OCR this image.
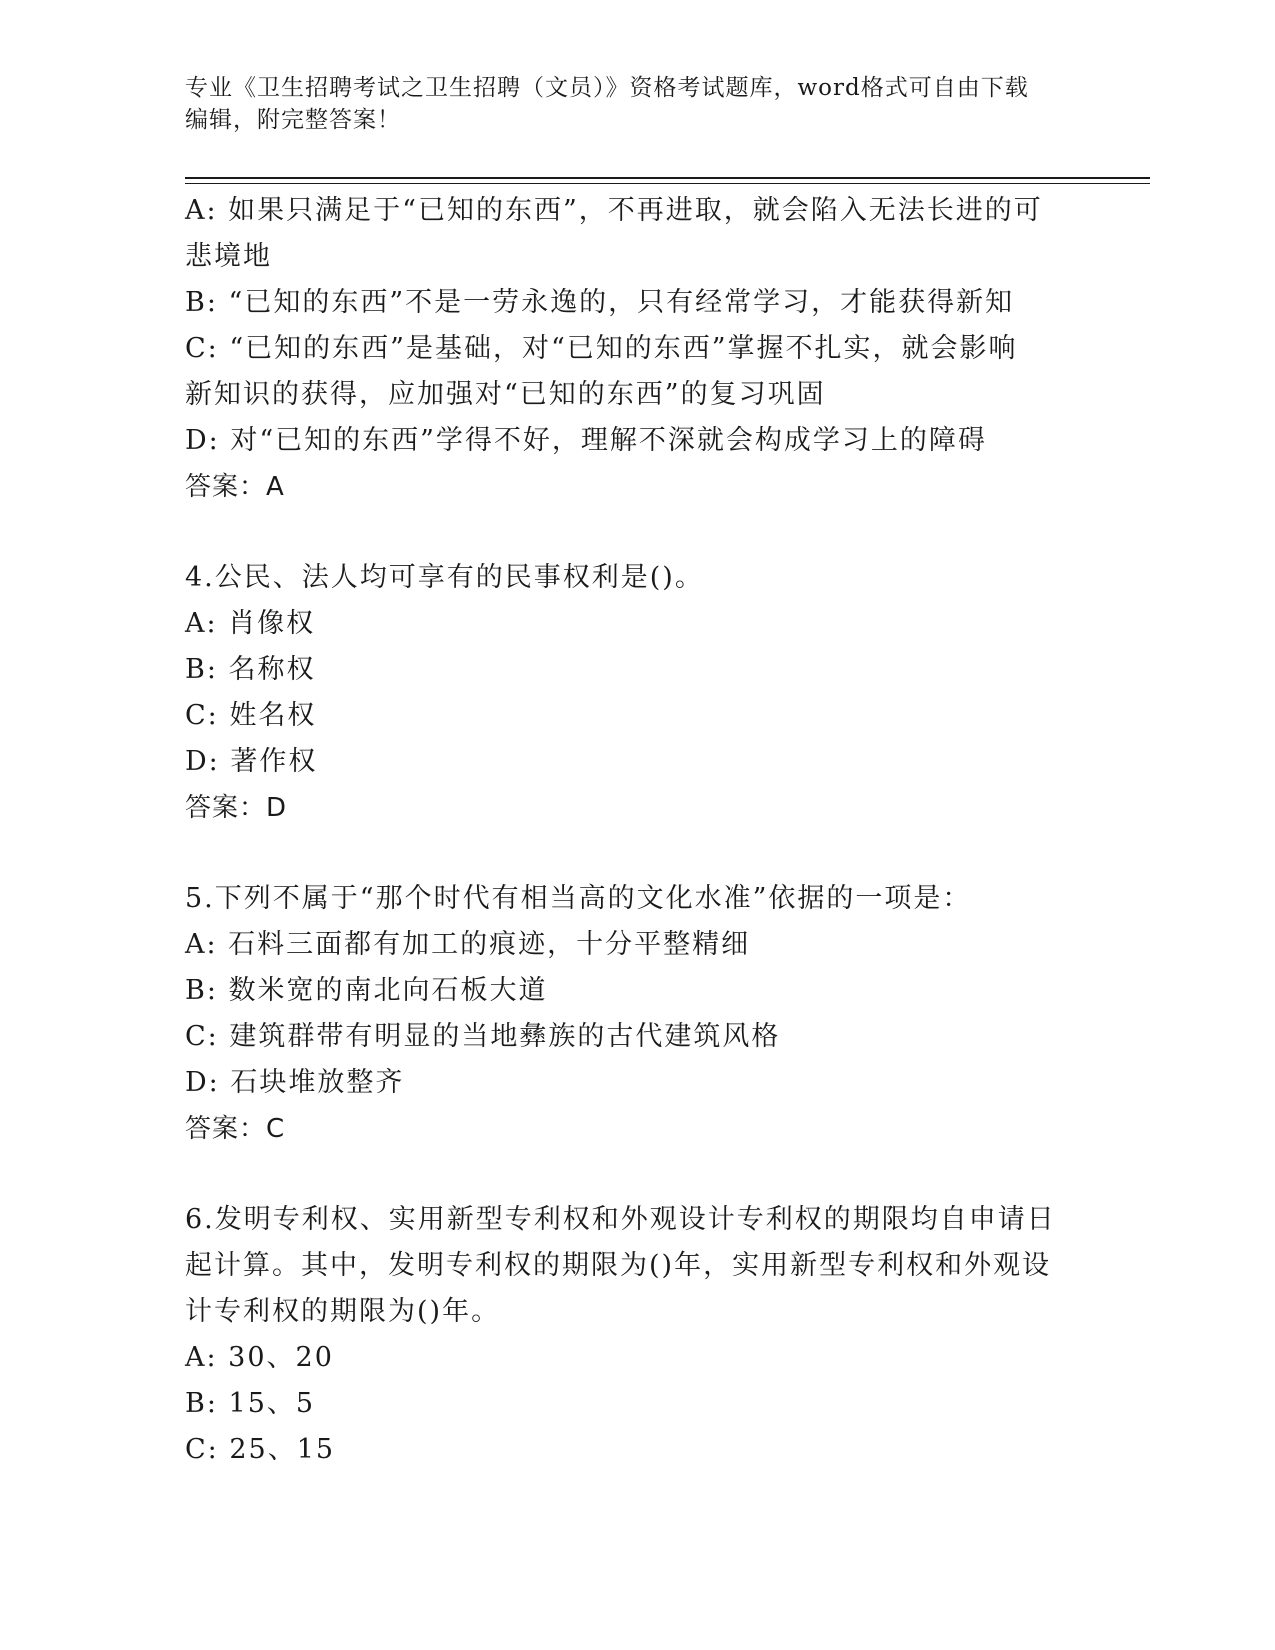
专业《卫生招聘考试之卫生招聘（文员）》资格考试题库，word格式可自由下载
编辑，附完整答案！
A: 如果只满足于“已知的东西”，不再进取，就会陷入无法长进的可
悲境地
B: “已知的东西”不是一劳永逸的，只有经常学习，才能获得新知
C: “已知的东西”是基础，对“已知的东西”掌握不扎实，就会影响
新知识的获得，应加强对“已知的东西”的复习巩固
D: 对“已知的东西”学得不好，理解不深就会构成学习上的障碍
答案：A
4.公民、法人均可享有的民事权利是()。
A: 肖像权
B: 名称权
C: 姓名权
D: 著作权
答案：D
5.下列不属于“那个时代有相当高的文化水准”依据的一项是：
A: 石料三面都有加工的痕迹，十分平整精细
B: 数米宽的南北向石板大道
C: 建筑群带有明显的当地彝族的古代建筑风格
D: 石块堆放整齐
答案：C
6.发明专利权、实用新型专利权和外观设计专利权的期限均自申请日
起计算。其中，发明专利权的期限为()年，实用新型专利权和外观设
计专利权的期限为()年。
A: 30、20
B: 15、5
C: 25、15
